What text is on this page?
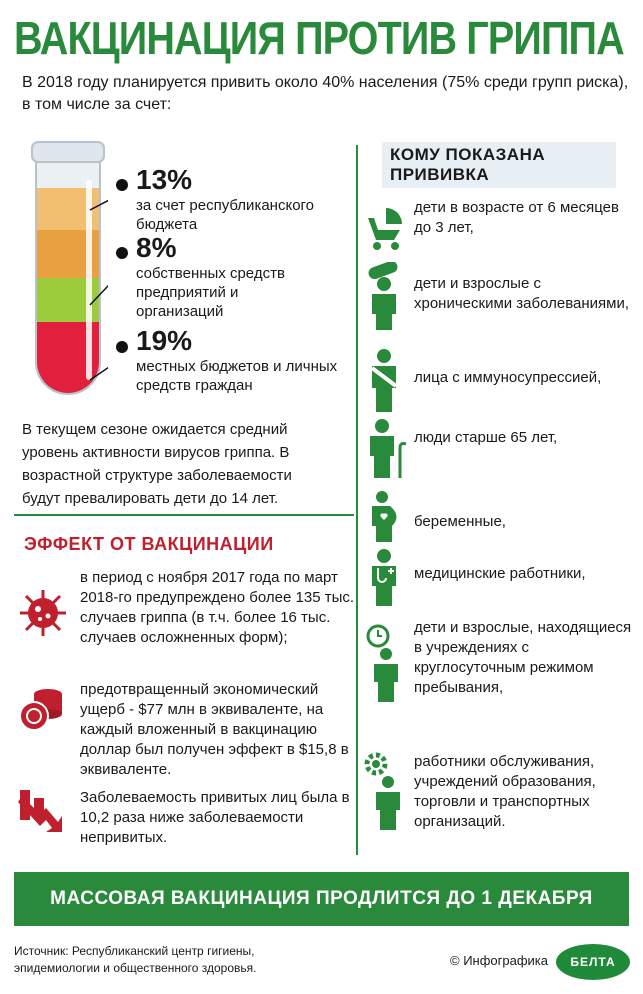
ВАКЦИНАЦИЯ ПРОТИВ ГРИППА
В 2018 году планируется привить около 40% населения (75% среди групп риска), в том числе за счет:
13%
за счет республиканского бюджета
8%
собственных средств предприятий и организаций
19%
местных бюджетов и личных средств граждан
В текущем сезоне ожидается средний уровень активности вирусов гриппа. В возрастной структуре заболеваемости будут превалировать дети до 14 лет.
ЭФФЕКТ ОТ ВАКЦИНАЦИИ
в период с ноября 2017 года по март 2018-го предупреждено более 135 тыс. случаев гриппа (в т.ч. более 16 тыс. случаев осложненных форм);
предотвращенный экономический ущерб - $77 млн в эквиваленте, на каждый вложенный в вакцинацию доллар был получен эффект в $15,8 в эквиваленте.
Заболеваемость привитых лиц была в 10,2 раза ниже заболеваемости непривитых.
КОМУ ПОКАЗАНА ПРИВИВКА
дети в возрасте от 6 месяцев до 3 лет,
дети и взрослые с хроническими заболеваниями,
лица с иммуносупрессией,
люди старше 65 лет,
беременные,
медицинские работники,
дети и взрослые, находящиеся в учреждениях с круглосуточным режимом пребывания,
работники обслуживания, учреждений образования, торговли и транспортных организаций.
МАССОВАЯ ВАКЦИНАЦИЯ ПРОДЛИТСЯ ДО 1 ДЕКАБРЯ
Источник: Республиканский центр гигиены, эпидемиологии и общественного здоровья.	© Инфографика	БЕЛТА
